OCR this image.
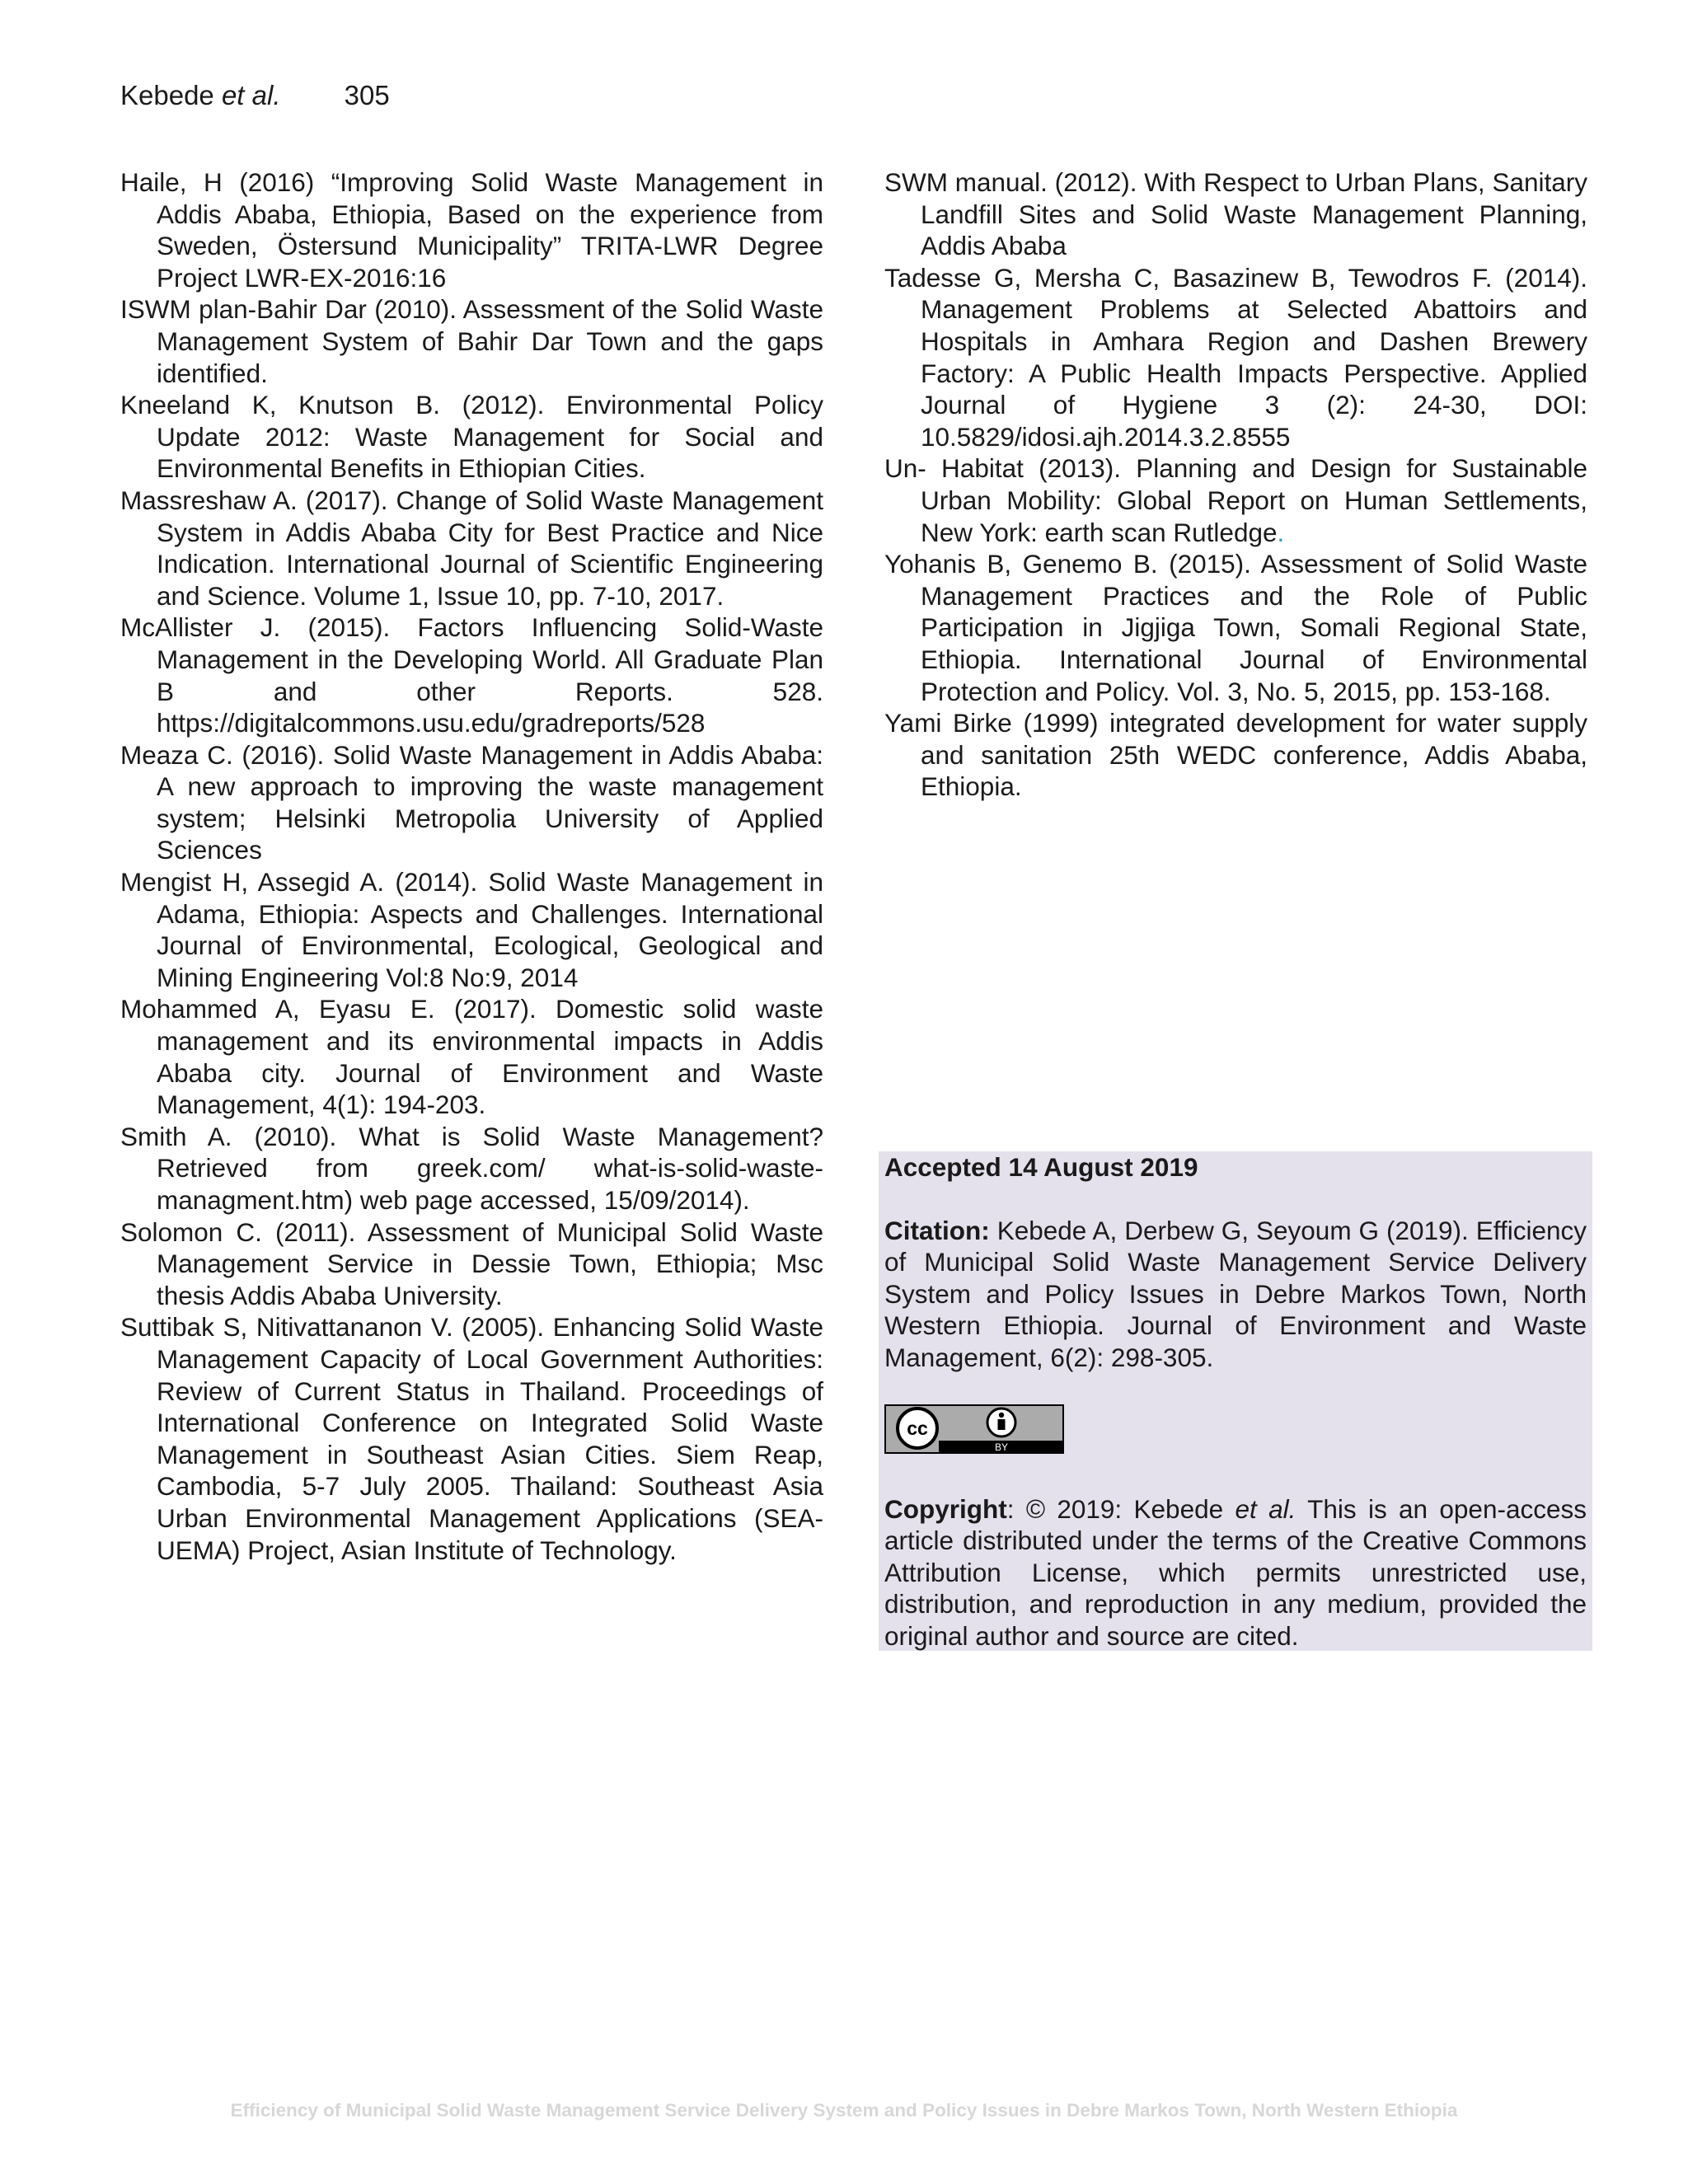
Kebede et al. 305

Haile, H (2016) “Improving Solid Waste Management in Addis Ababa, Ethiopia, Based on the experience from Sweden, Östersund Municipality” TRITA-LWR Degree Project LWR-EX-2016:16

ISWM plan-Bahir Dar (2010). Assessment of the Solid Waste Management System of Bahir Dar Town and the gaps identified.

Kneeland K, Knutson B. (2012). Environmental Policy Update 2012: Waste Management for Social and Environmental Benefits in Ethiopian Cities.

Massreshaw A. (2017). Change of Solid Waste Management System in Addis Ababa City for Best Practice and Nice Indication. International Journal of Scientific Engineering and Science. Volume 1, Issue 10, pp. 7-10, 2017.

McAllister J. (2015). Factors Influencing Solid-Waste Management in the Developing World. All Graduate Plan B and other Reports. 528. https://digitalcommons.usu.edu/gradreports/528

Meaza C. (2016). Solid Waste Management in Addis Ababa: A new approach to improving the waste management system; Helsinki Metropolia University of Applied Sciences

Mengist H, Assegid A. (2014). Solid Waste Management in Adama, Ethiopia: Aspects and Challenges. International Journal of Environmental, Ecological, Geological and Mining Engineering Vol:8 No:9, 2014

Mohammed A, Eyasu E. (2017). Domestic solid waste management and its environmental impacts in Addis Ababa city. Journal of Environment and Waste Management, 4(1): 194-203.

Smith A. (2010). What is Solid Waste Management? Retrieved from greek.com/ what-is-solid-waste-managment.htm) web page accessed, 15/09/2014).

Solomon C. (2011). Assessment of Municipal Solid Waste Management Service in Dessie Town, Ethiopia; Msc thesis Addis Ababa University.

Suttibak S, Nitivattananon V. (2005). Enhancing Solid Waste Management Capacity of Local Government Authorities: Review of Current Status in Thailand. Proceedings of International Conference on Integrated Solid Waste Management in Southeast Asian Cities. Siem Reap, Cambodia, 5-7 July 2005. Thailand: Southeast Asia Urban Environmental Management Applications (SEA-UEMA) Project, Asian Institute of Technology.

SWM manual. (2012). With Respect to Urban Plans, Sanitary Landfill Sites and Solid Waste Management Planning, Addis Ababa

Tadesse G, Mersha C, Basazinew B, Tewodros F. (2014). Management Problems at Selected Abattoirs and Hospitals in Amhara Region and Dashen Brewery Factory: A Public Health Impacts Perspective. Applied Journal of Hygiene 3 (2): 24-30, DOI: 10.5829/idosi.ajh.2014.3.2.8555

Un- Habitat (2013). Planning and Design for Sustainable Urban Mobility: Global Report on Human Settlements, New York: earth scan Rutledge.

Yohanis B, Genemo B. (2015). Assessment of Solid Waste Management Practices and the Role of Public Participation in Jigjiga Town, Somali Regional State, Ethiopia. International Journal of Environmental Protection and Policy. Vol. 3, No. 5, 2015, pp. 153-168.

Yami Birke (1999) integrated development for water supply and sanitation 25th WEDC conference, Addis Ababa, Ethiopia.

Accepted 14 August 2019

Citation: Kebede A, Derbew G, Seyoum G (2019). Efficiency of Municipal Solid Waste Management Service Delivery System and Policy Issues in Debre Markos Town, North Western Ethiopia. Journal of Environment and Waste Management, 6(2): 298-305.

cc
BY

Copyright: © 2019: Kebede et al. This is an open-access article distributed under the terms of the Creative Commons Attribution License, which permits unrestricted use, distribution, and reproduction in any medium, provided the original author and source are cited.

Efficiency of Municipal Solid Waste Management Service Delivery System and Policy Issues in Debre Markos Town, North Western Ethiopia
